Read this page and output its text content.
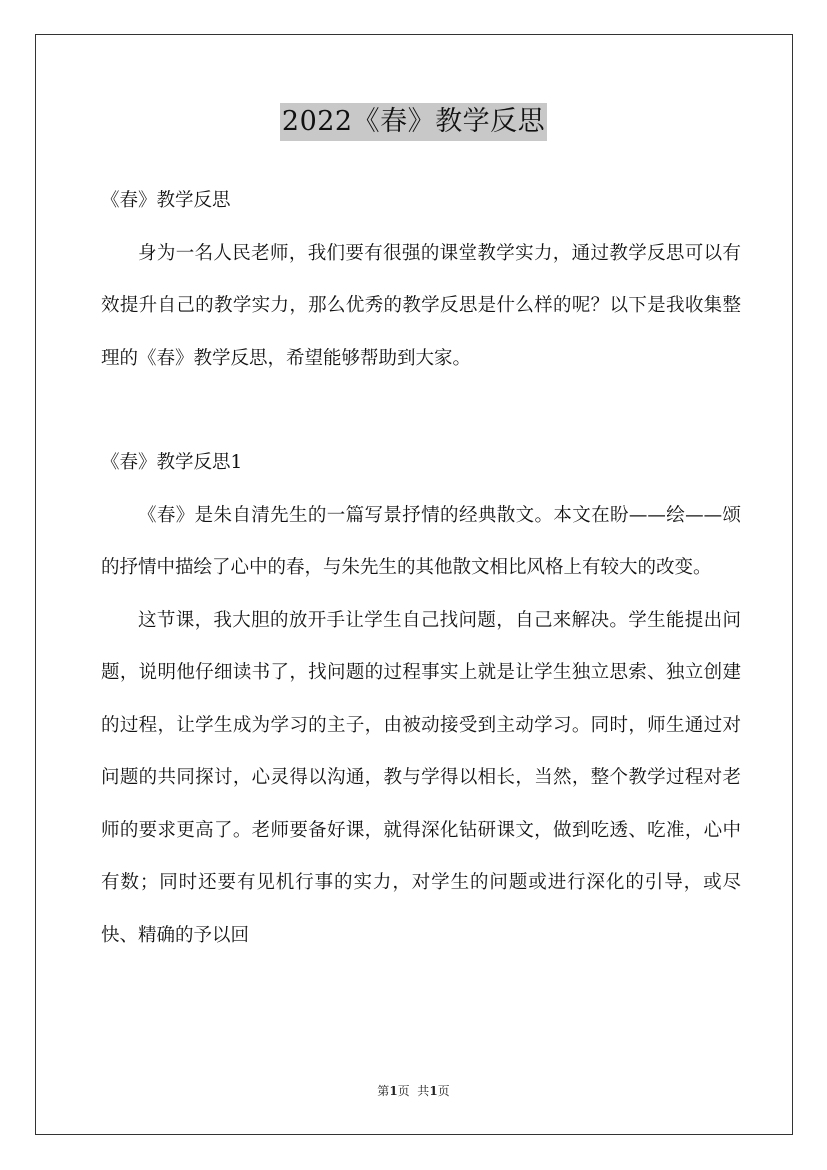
2022《春》教学反思

《春》教学反思

身为一名人民老师，我们要有很强的课堂教学实力，通过教学反思可以有效提升自己的教学实力，那么优秀的教学反思是什么样的呢？以下是我收集整理的《春》教学反思，希望能够帮助到大家。

《春》教学反思1

《春》是朱自清先生的一篇写景抒情的经典散文。本文在盼——绘——颂的抒情中描绘了心中的春，与朱先生的其他散文相比风格上有较大的改变。

这节课，我大胆的放开手让学生自己找问题，自己来解决。学生能提出问题，说明他仔细读书了，找问题的过程事实上就是让学生独立思索、独立创建的过程，让学生成为学习的主子，由被动接受到主动学习。同时，师生通过对问题的共同探讨，心灵得以沟通，教与学得以相长，当然，整个教学过程对老师的要求更高了。老师要备好课，就得深化钻研课文，做到吃透、吃准，心中有数；同时还要有见机行事的实力，对学生的问题或进行深化的引导，或尽快、精确的予以回

第1页  共1页
